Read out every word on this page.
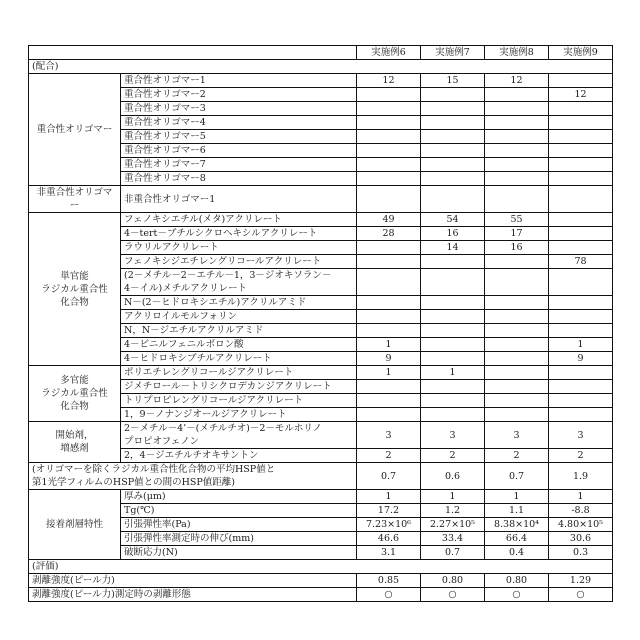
		実施例6	実施例7	実施例8	実施例9
(配合)					
重合性オリゴマー	重合性オリゴマー1	12	15	12	
	重合性オリゴマー2				12
	重合性オリゴマー3				
	重合性オリゴマー4				
	重合性オリゴマー5				
	重合性オリゴマー6				
	重合性オリゴマー7				
	重合性オリゴマー8				
非重合性オリゴマー	非重合性オリゴマー1				
単官能
ラジカル重合性
化合物	フェノキシエチル(メタ)アクリレート	49	54	55	
	4－tert－ブチルシクロヘキシルアクリレート	28	16	17	
	ラウリルアクリレート		14	16	
	フェノキシジエチレングリコールアクリレート				78
	(2－メチル－2－エチル－1，3－ジオキソラン－
4－イル)メチルアクリレート				
	N－(2－ヒドロキシエチル)アクリルアミド				
	アクリロイルモルフォリン				
	N，N－ジエチルアクリルアミド				
	4－ビニルフェニルボロン酸	1			1
	4－ヒドロキシブチルアクリレート	9			9
多官能
ラジカル重合性
化合物	ポリエチレングリコールジアクリレート	1	1		
	ジメチロール－トリシクロデカンジアクリレート				
	トリプロピレングリコールジアクリレート				
	1，9－ノナンジオールジアクリレート				
開始剤，
増感剤	2－メチル－4’－(メチルチオ)－2－モルホリノ
プロピオフェノン	3	3	3	3
	2，4－ジエチルチオキサントン	2	2	2	2
(オリゴマーを除くラジカル重合性化合物の平均HSP値と
第1光学フィルムのHSP値との間のHSP値距離)		0.7	0.6	0.7	1.9
接着剤層特性	厚み(μm)	1	1	1	1
	Tg(℃)	17.2	1.2	1.1	-8.8
	引張弾性率(Pa)	7.23×10⁶	2.27×10⁵	8.38×10⁴	4.80×10⁵
	引張弾性率測定時の伸び(mm)	46.6	33.4	66.4	30.6
	破断応力(N)	3.1	0.7	0.4	0.3
(評価)					
剥離強度(ピール力)		0.85	0.80	0.80	1.29
剥離強度(ピール力)測定時の剥離形態		○	○	○	○
